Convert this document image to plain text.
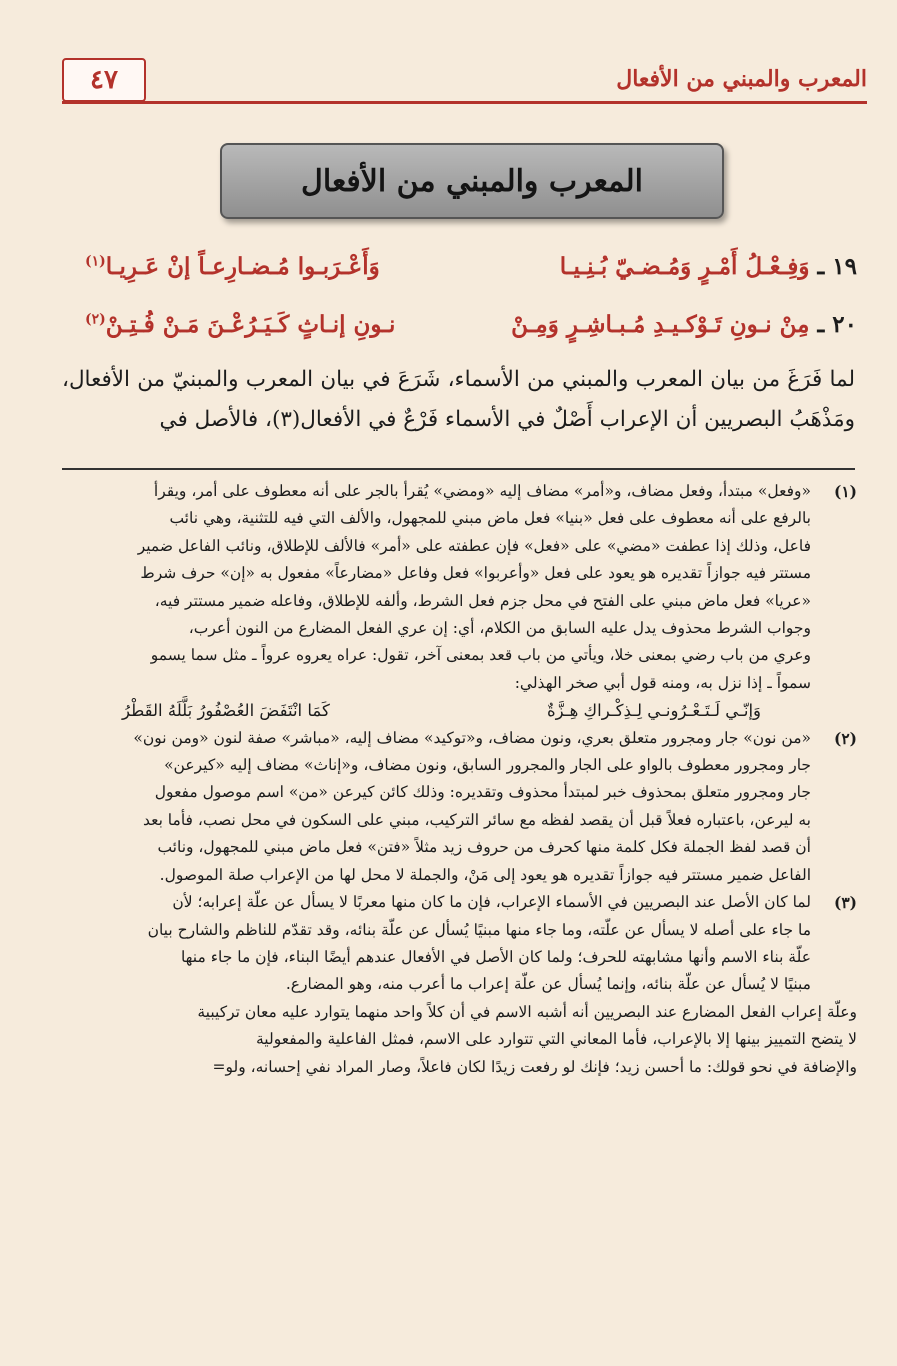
المعرب والمبني من الأفعال
٤٧
المعرب والمبني من الأفعال
١٩ ـ وَفِـعْـلُ أَمْـرٍ وَمُـضـيّ بُـنِـيـا
وَأَعْـرَبـوا مُـضـارِعـاً إنْ عَـرِيـا$^{(١)}$
٢٠ ـ مِنْ نـونِ تَـوْكـيـدِ مُـبـاشِـرٍ وَمِـنْ
نـونِ إنـاثٍ كَـيَـرُعْـنَ مَـنْ فُـتِـنْ$^{(٢)}$
لما فَرَغَ من بيان المعرب والمبني من الأسماء، شَرَعَ في بيان المعرب والمبنيّ من الأفعال، ومَذْهَبُ البصريين أن الإعراب أَصْلٌ في الأسماء فَرْعٌ في الأفعال(٣)، فالأصل في
(١)
«وفعل» مبتدأ، وفعل مضاف، و«أمر» مضاف إليه «ومضي» يُقرأ بالجر على أنه معطوف على أمر، ويقرأ
بالرفع على أنه معطوف على فعل «بنيا» فعل ماض مبني للمجهول، والألف التي فيه للتثنية، وهي نائب
فاعل، وذلك إذا عطفت «مضي» على «فعل» فإن عطفته على «أمر» فالألف للإطلاق، ونائب الفاعل ضمير
مستتر فيه جوازاً تقديره هو يعود على فعل «وأعربوا» فعل وفاعل «مضارعاً» مفعول به «إن» حرف شرط
«عريا» فعل ماض مبني على الفتح في محل جزم فعل الشرط، وألفه للإطلاق، وفاعله ضمير مستتر فيه،
وجواب الشرط محذوف يدل عليه السابق من الكلام، أي: إن عري الفعل المضارع من النون أعرب،
وعري من باب رضي بمعنى خلا، ويأتي من باب قعد بمعنى آخر، تقول: عراه يعروه عرواً ـ مثل سما يسمو
سمواً ـ إذا نزل به، ومنه قول أبي صخر الهذلي:
وَإنّـي لَـتَـعْـرُونـي لِـذِكْـراكِ هِـزَّةٌ
كَمَا انْتَفَضَ العُصْفُورُ بَلَّلَهُ القَطْرُ
(٢)
«من نون» جار ومجرور متعلق بعري، ونون مضاف، و«توكيد» مضاف إليه، «مباشر» صفة لنون «ومن نون»
جار ومجرور معطوف بالواو على الجار والمجرور السابق، ونون مضاف، و«إناث» مضاف إليه «كيرعن»
جار ومجرور متعلق بمحذوف خبر لمبتدأ محذوف وتقديره: وذلك كائن كيرعن «من» اسم موصول مفعول
به ليرعن، باعتباره فعلاً قبل أن يقصد لفظه مع سائر التركيب، مبني على السكون في محل نصب، فأما بعد
أن قصد لفظ الجملة فكل كلمة منها كحرف من حروف زيد مثلاً «فتن» فعل ماض مبني للمجهول، ونائب
الفاعل ضمير مستتر فيه جوازاً تقديره هو يعود إلى مَنْ، والجملة لا محل لها من الإعراب صلة الموصول.
(٣)
لما كان الأصل عند البصريين في الأسماء الإعراب، فإن ما كان منها معربًا لا يسأل عن علّة إعرابه؛ لأن
ما جاء على أصله لا يسأل عن علّته، وما جاء منها مبنيًا يُسأل عن علّة بنائه، وقد تقدّم للناظم والشارح بيان
علّة بناء الاسم وأنها مشابهته للحرف؛ ولما كان الأصل في الأفعال عندهم أيضًا البناء، فإن ما جاء منها
مبنيًا لا يُسأل عن علّة بنائه، وإنما يُسأل عن علّة إعراب ما أعرب منه، وهو المضارع.
وعلّة إعراب الفعل المضارع عند البصريين أنه أشبه الاسم في أن كلاً واحد منهما يتوارد عليه معان تركيبية
لا يتضح التمييز بينها إلا بالإعراب، فأما المعاني التي تتوارد على الاسم، فمثل الفاعلية والمفعولية
والإضافة في نحو قولك: ما أحسن زيد؛ فإنك لو رفعت زيدًا لكان فاعلاً، وصار المراد نفي إحسانه، ولو=
